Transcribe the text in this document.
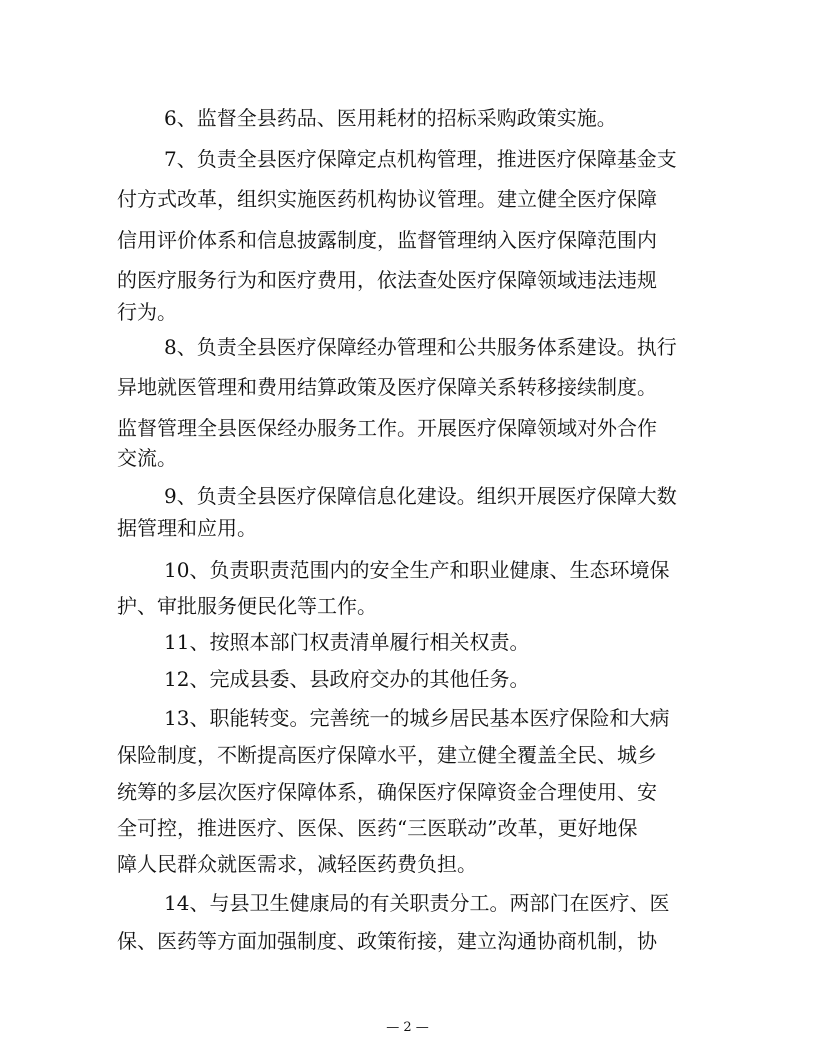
6、监督全县药品、医用耗材的招标采购政策实施。

7、负责全县医疗保障定点机构管理，推进医疗保障基金支

付方式改革，组织实施医药机构协议管理。建立健全医疗保障

信用评价体系和信息披露制度，监督管理纳入医疗保障范围内

的医疗服务行为和医疗费用，依法查处医疗保障领域违法违规

行为。

8、负责全县医疗保障经办管理和公共服务体系建设。执行

异地就医管理和费用结算政策及医疗保障关系转移接续制度。

监督管理全县医保经办服务工作。开展医疗保障领域对外合作

交流。

9、负责全县医疗保障信息化建设。组织开展医疗保障大数

据管理和应用。

10、负责职责范围内的安全生产和职业健康、生态环境保

护、审批服务便民化等工作。

11、按照本部门权责清单履行相关权责。

12、完成县委、县政府交办的其他任务。

13、职能转变。完善统一的城乡居民基本医疗保险和大病

保险制度，不断提高医疗保障水平，建立健全覆盖全民、城乡

统筹的多层次医疗保障体系，确保医疗保障资金合理使用、安

全可控，推进医疗、医保、医药“三医联动”改革，更好地保

障人民群众就医需求，减轻医药费负担。

14、与县卫生健康局的有关职责分工。两部门在医疗、医

保、医药等方面加强制度、政策衔接，建立沟通协商机制，协

— 2 —
